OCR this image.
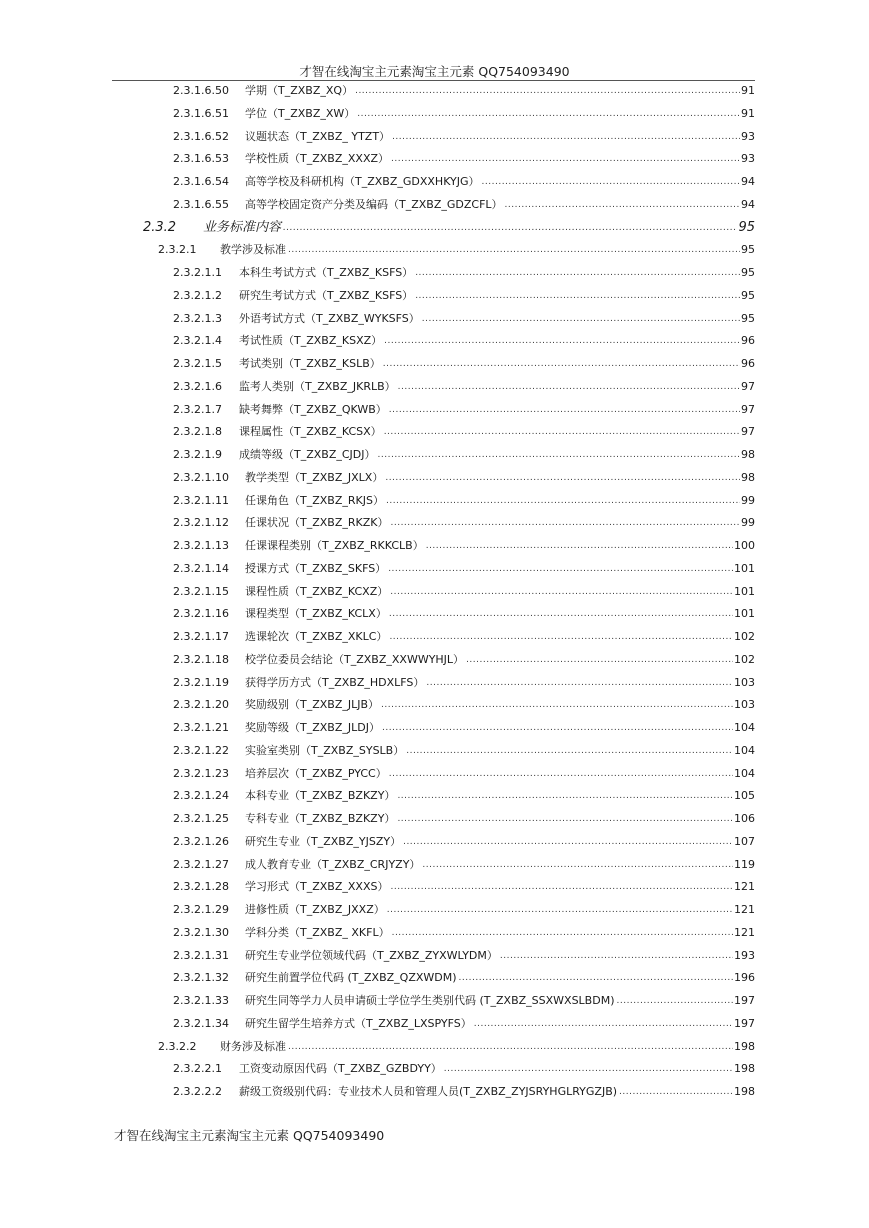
才智在线淘宝主元素淘宝主元素 QQ754093490
2.3.1.6.50	学期（T_ZXBZ_XQ） .....	91
2.3.1.6.51	学位（T_ZXBZ_XW） .....	91
2.3.1.6.52	议题状态（T_ZXBZ_ YTZT） .....	93
2.3.1.6.53	学校性质（T_ZXBZ_XXXZ） .....	93
2.3.1.6.54	高等学校及科研机构（T_ZXBZ_GDXXHKYJG） .....	94
2.3.1.6.55	高等学校固定资产分类及编码（T_ZXBZ_GDZCFL） .....	94
2.3.2	业务标准内容 .....	95
2.3.2.1	教学涉及标准 .....	95
2.3.2.1.1	本科生考试方式（T_ZXBZ_KSFS） .....	95
2.3.2.1.2	研究生考试方式（T_ZXBZ_KSFS） .....	95
2.3.2.1.3	外语考试方式（T_ZXBZ_WYKSFS） .....	95
2.3.2.1.4	考试性质（T_ZXBZ_KSXZ） .....	96
2.3.2.1.5	考试类别（T_ZXBZ_KSLB） .....	96
2.3.2.1.6	监考人类别（T_ZXBZ_JKRLB） .....	97
2.3.2.1.7	缺考舞弊（T_ZXBZ_QKWB） .....	97
2.3.2.1.8	课程属性（T_ZXBZ_KCSX） .....	97
2.3.2.1.9	成绩等级（T_ZXBZ_CJDJ） .....	98
2.3.2.1.10	教学类型（T_ZXBZ_JXLX） .....	98
2.3.2.1.11	任课角色（T_ZXBZ_RKJS） .....	99
2.3.2.1.12	任课状况（T_ZXBZ_RKZK） .....	99
2.3.2.1.13	任课课程类别（T_ZXBZ_RKKCLB） .....	100
2.3.2.1.14	授课方式（T_ZXBZ_SKFS） .....	101
2.3.2.1.15	课程性质（T_ZXBZ_KCXZ） .....	101
2.3.2.1.16	课程类型（T_ZXBZ_KCLX） .....	101
2.3.2.1.17	选课轮次（T_ZXBZ_XKLC） .....	102
2.3.2.1.18	校学位委员会结论（T_ZXBZ_XXWWYHJL） .....	102
2.3.2.1.19	获得学历方式（T_ZXBZ_HDXLFS） .....	103
2.3.2.1.20	奖励级别（T_ZXBZ_JLJB） .....	103
2.3.2.1.21	奖励等级（T_ZXBZ_JLDJ） .....	104
2.3.2.1.22	实验室类别（T_ZXBZ_SYSLB） .....	104
2.3.2.1.23	培养层次（T_ZXBZ_PYCC） .....	104
2.3.2.1.24	本科专业（T_ZXBZ_BZKZY） .....	105
2.3.2.1.25	专科专业（T_ZXBZ_BZKZY） .....	106
2.3.2.1.26	研究生专业（T_ZXBZ_YJSZY） .....	107
2.3.2.1.27	成人教育专业（T_ZXBZ_CRJYZY） .....	119
2.3.2.1.28	学习形式（T_ZXBZ_XXXS） .....	121
2.3.2.1.29	进修性质（T_ZXBZ_JXXZ） .....	121
2.3.2.1.30	学科分类（T_ZXBZ_ XKFL） .....	121
2.3.2.1.31	研究生专业学位领域代码（T_ZXBZ_ZYXWLYDM） .....	193
2.3.2.1.32	研究生前置学位代码 (T_ZXBZ_QZXWDM) .....	196
2.3.2.1.33	研究生同等学力人员申请硕士学位学生类别代码 (T_ZXBZ_SSXWXSLBDM) .....	197
2.3.2.1.34	研究生留学生培养方式（T_ZXBZ_LXSPYFS） .....	197
2.3.2.2	财务涉及标准 .....	198
2.3.2.2.1	工资变动原因代码（T_ZXBZ_GZBDYY） .....	198
2.3.2.2.2	薪级工资级别代码：专业技术人员和管理人员(T_ZXBZ_ZYJSRYHGLRYGZJB) .....	198
才智在线淘宝主元素淘宝主元素 QQ754093490
